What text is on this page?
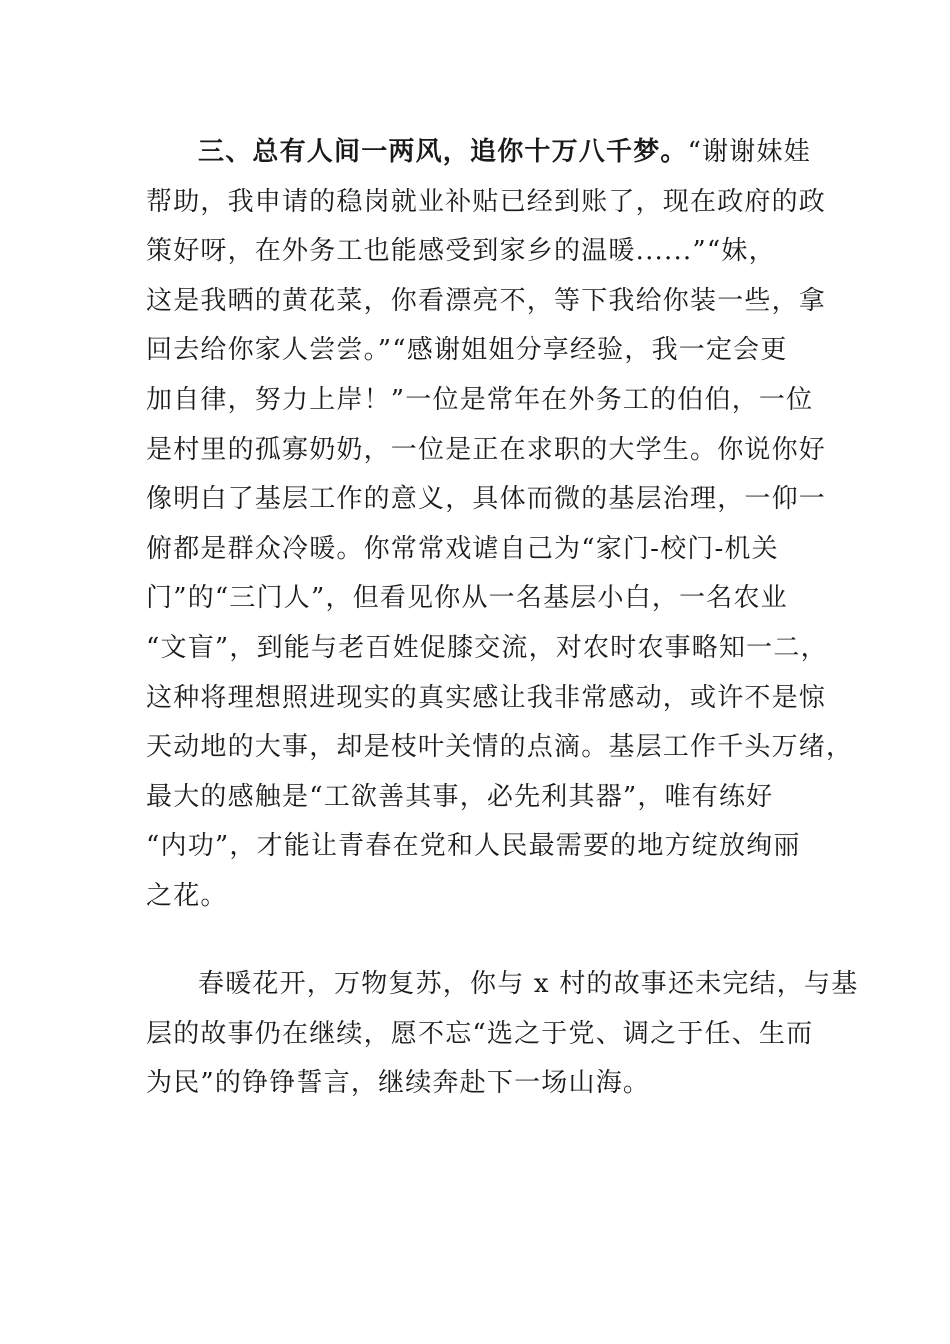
三、总有人间一两风，追你十万八千梦。“谢谢妹娃
帮助，我申请的稳岗就业补贴已经到账了，现在政府的政
策好呀，在外务工也能感受到家乡的温暖......”“妹，
这是我晒的黄花菜，你看漂亮不，等下我给你装一些，拿
回去给你家人尝尝。”“感谢姐姐分享经验，我一定会更
加自律，努力上岸！”一位是常年在外务工的伯伯，一位
是村里的孤寡奶奶，一位是正在求职的大学生。你说你好
像明白了基层工作的意义，具体而微的基层治理，一仰一
俯都是群众冷暖。你常常戏谑自己为“家门-校门-机关
门”的“三门人”，但看见你从一名基层小白，一名农业
“文盲”，到能与老百姓促膝交流，对农时农事略知一二，
这种将理想照进现实的真实感让我非常感动，或许不是惊
天动地的大事，却是枝叶关情的点滴。基层工作千头万绪，
最大的感触是“工欲善其事，必先利其器”，唯有练好
“内功”，才能让青春在党和人民最需要的地方绽放绚丽
之花。
春暖花开，万物复苏，你与 x 村的故事还未完结，与基
层的故事仍在继续，愿不忘“选之于党、调之于任、生而
为民”的铮铮誓言，继续奔赴下一场山海。
